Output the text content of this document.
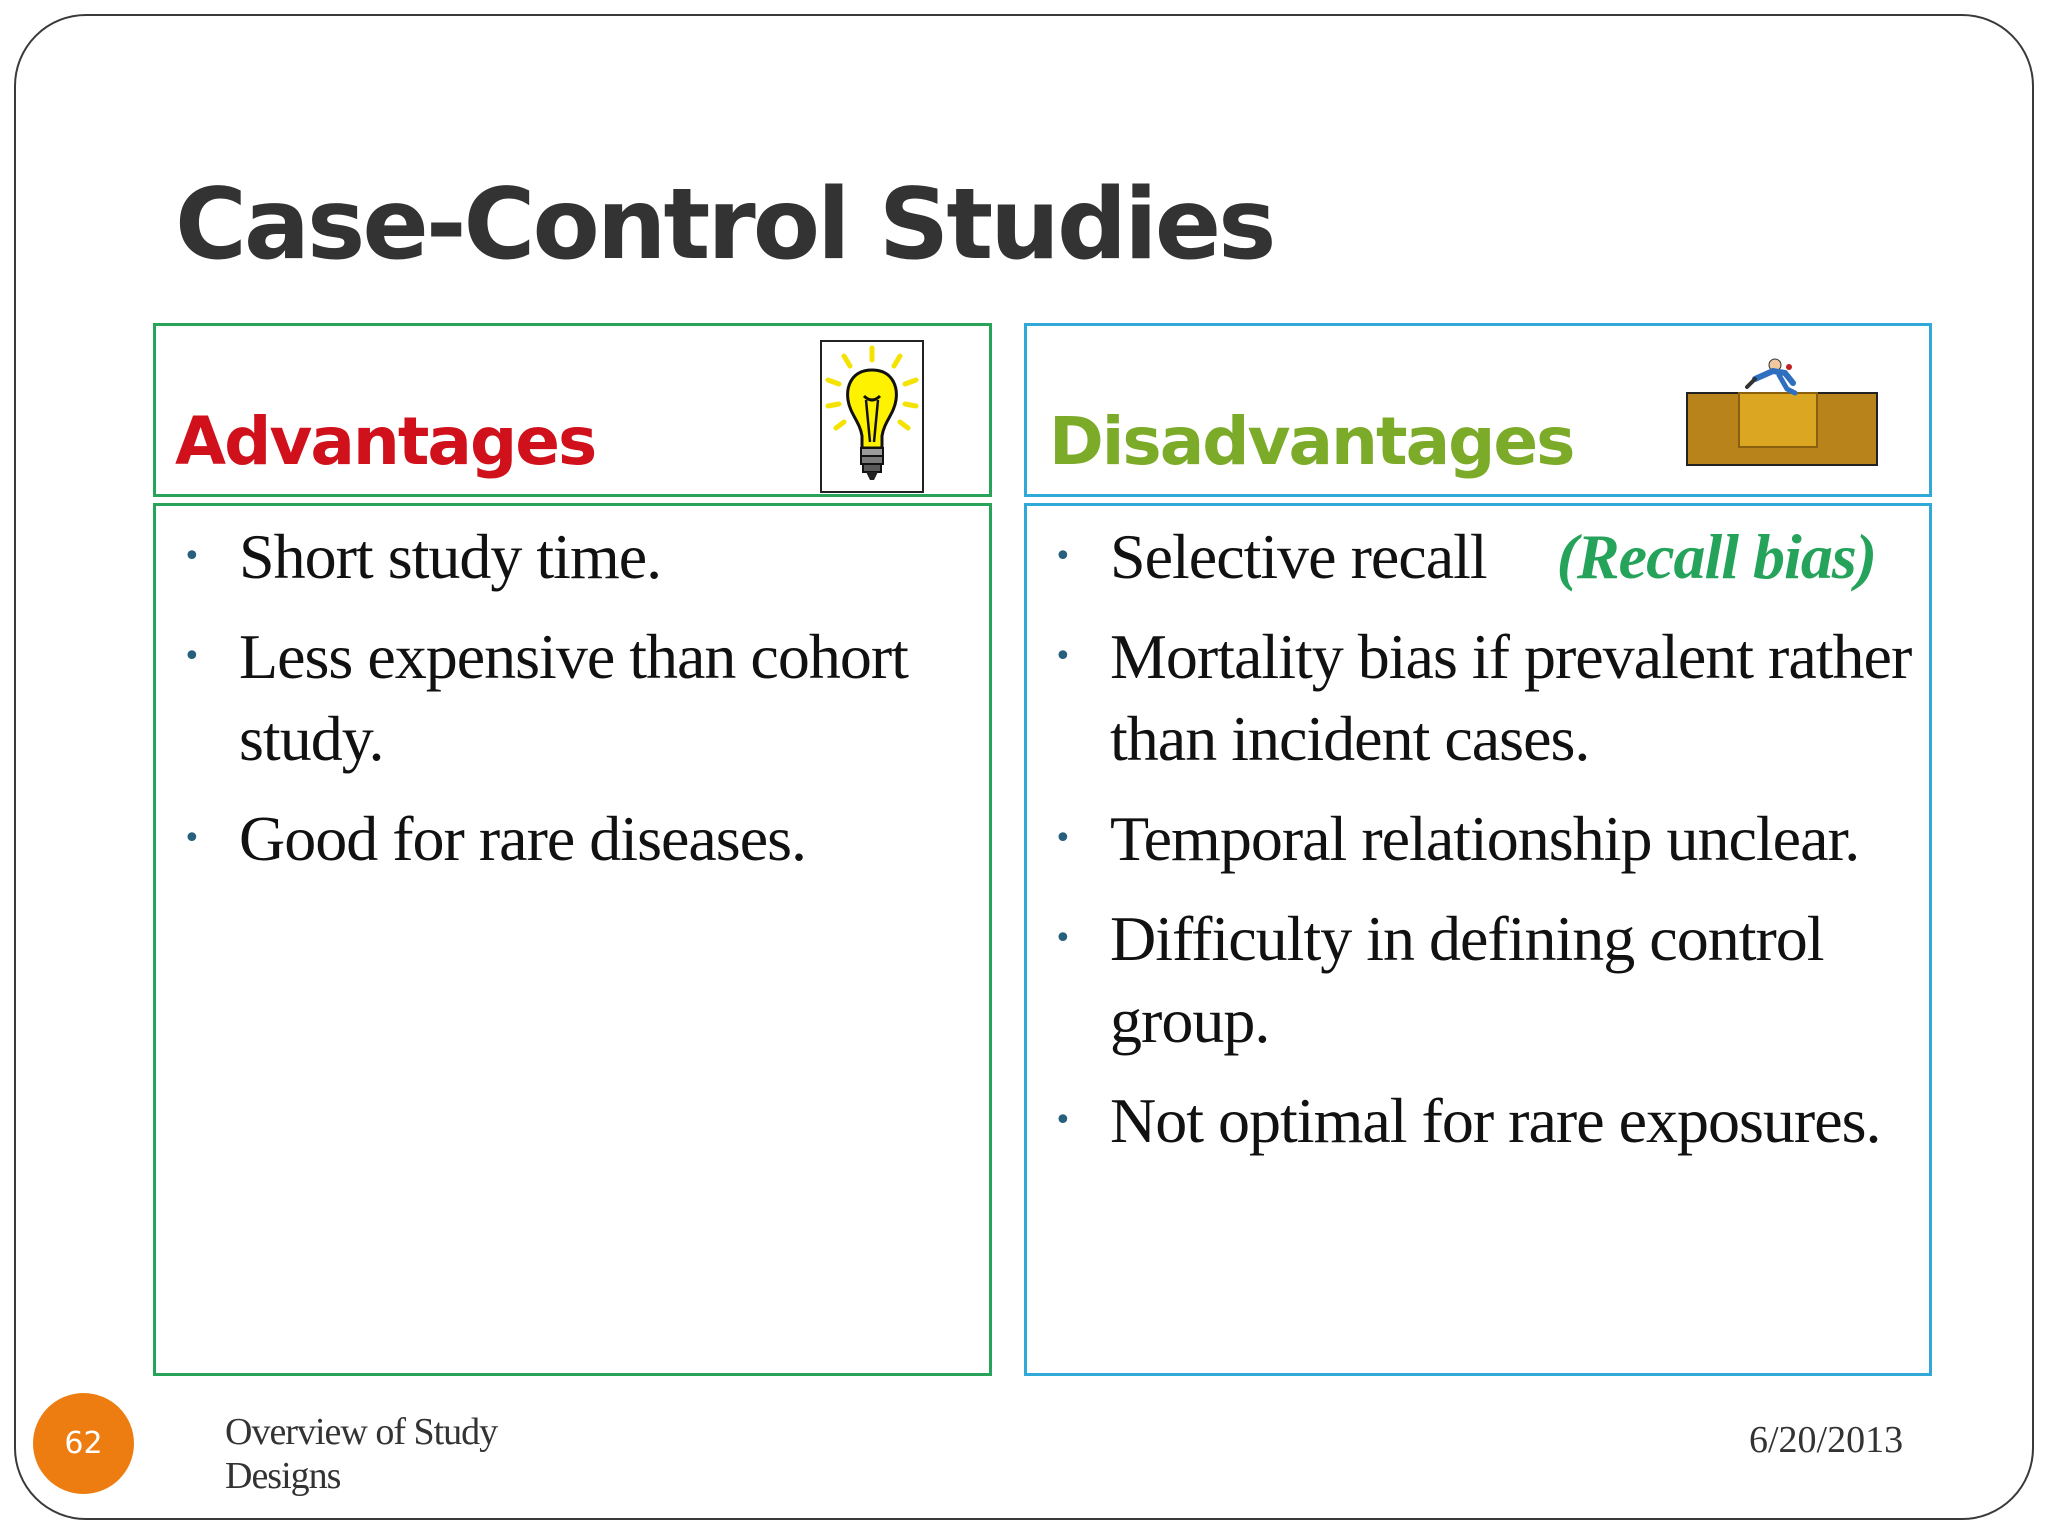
Case-Control Studies
Advantages	Disadvantages
• Short study time.
• Less expensive than cohort study.
• Good for rare diseases.
• Selective recall (Recall bias)
• Mortality bias if prevalent rather than incident cases.
• Temporal relationship unclear.
• Difficulty in defining control group.
• Not optimal for rare exposures.
62	Overview of Study Designs
6/20/2013
